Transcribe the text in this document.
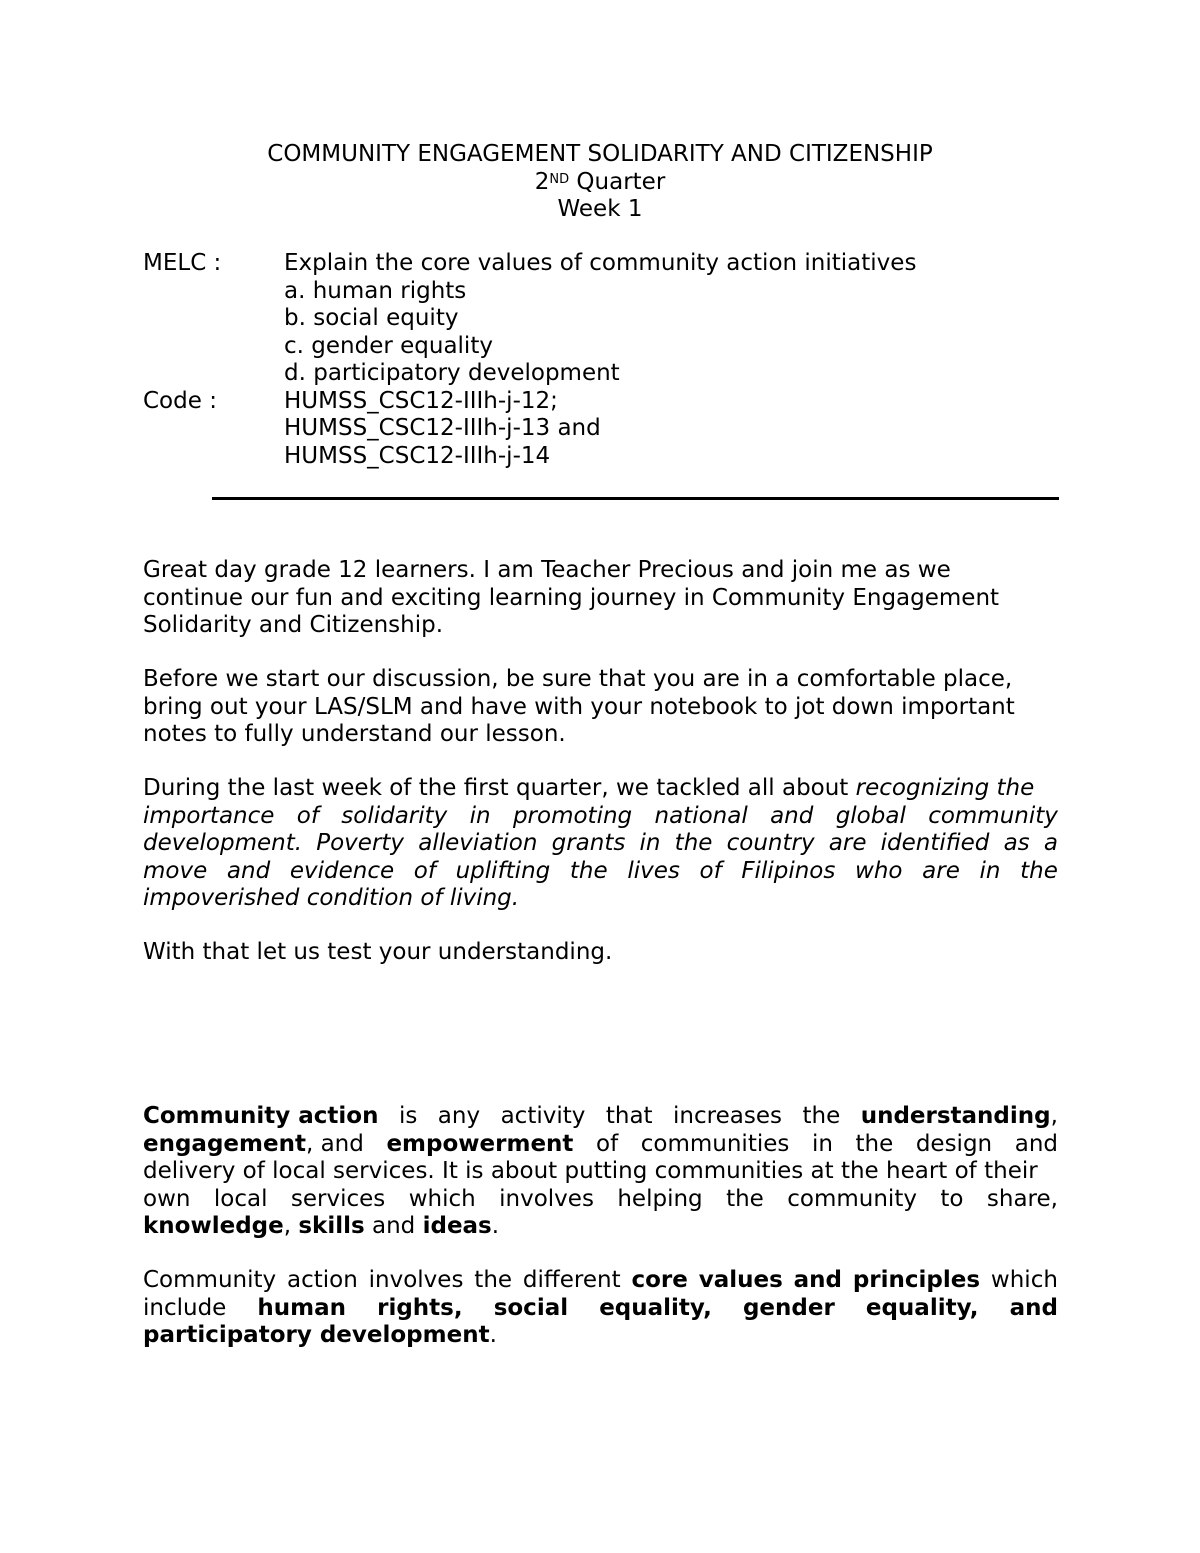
COMMUNITY ENGAGEMENT SOLIDARITY AND CITIZENSHIP
2ND Quarter
Week 1
MELC :	Explain the core values of community action initiatives
a. human rights
b. social equity
c. gender equality
d. participatory development
Code :	HUMSS_CSC12-IIIh-j-12;
HUMSS_CSC12-IIIh-j-13 and
HUMSS_CSC12-IIIh-j-14
Great day grade 12 learners. I am Teacher Precious and join me as we
continue our fun and exciting learning journey in Community Engagement
Solidarity and Citizenship.
Before we start our discussion, be sure that you are in a comfortable place,
bring out your LAS/SLM and have with your notebook to jot down important
notes to fully understand our lesson.
During the last week of the first quarter, we tackled all about recognizing the
importance of solidarity in promoting national and global community
development. Poverty alleviation grants in the country are identified as a
move and evidence of uplifting the lives of Filipinos who are in the
impoverished condition of living.
With that let us test your understanding.
Community action is any activity that increases the understanding,
engagement, and empowerment of communities in the design and
delivery of local services. It is about putting communities at the heart of their
own local services which involves helping the community to share,
knowledge, skills and ideas.
Community action involves the different core values and principles which
include human rights, social equality, gender equality, and
participatory development.
